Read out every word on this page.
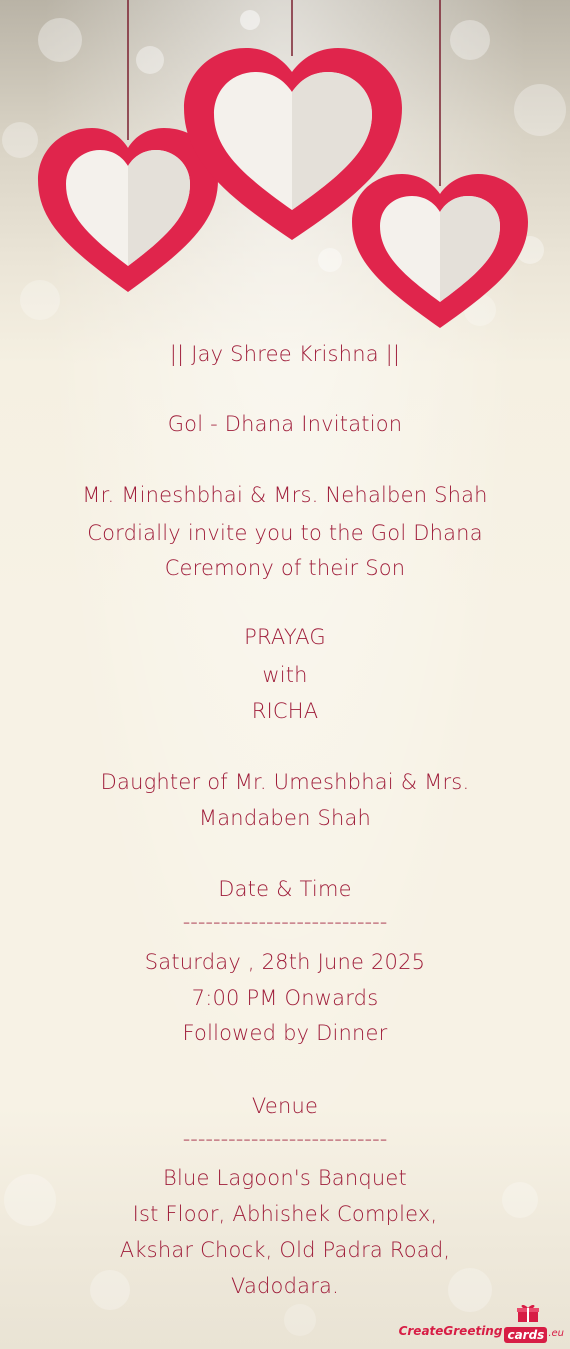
|| Jay Shree Krishna ||
Gol - Dhana Invitation
Mr. Mineshbhai & Mrs. Nehalben Shah
Cordially invite you to the Gol Dhana
Ceremony of their Son
PRAYAG
with
RICHA
Daughter of Mr. Umeshbhai & Mrs.
Mandaben Shah
Date & Time
---------------------------
Saturday , 28th June 2025
7:00 PM Onwards
Followed by Dinner
Venue
---------------------------
Blue Lagoon's Banquet
Ist Floor, Abhishek Complex,
Akshar Chock, Old Padra Road,
Vadodara.
CreateGreeting cards .eu
